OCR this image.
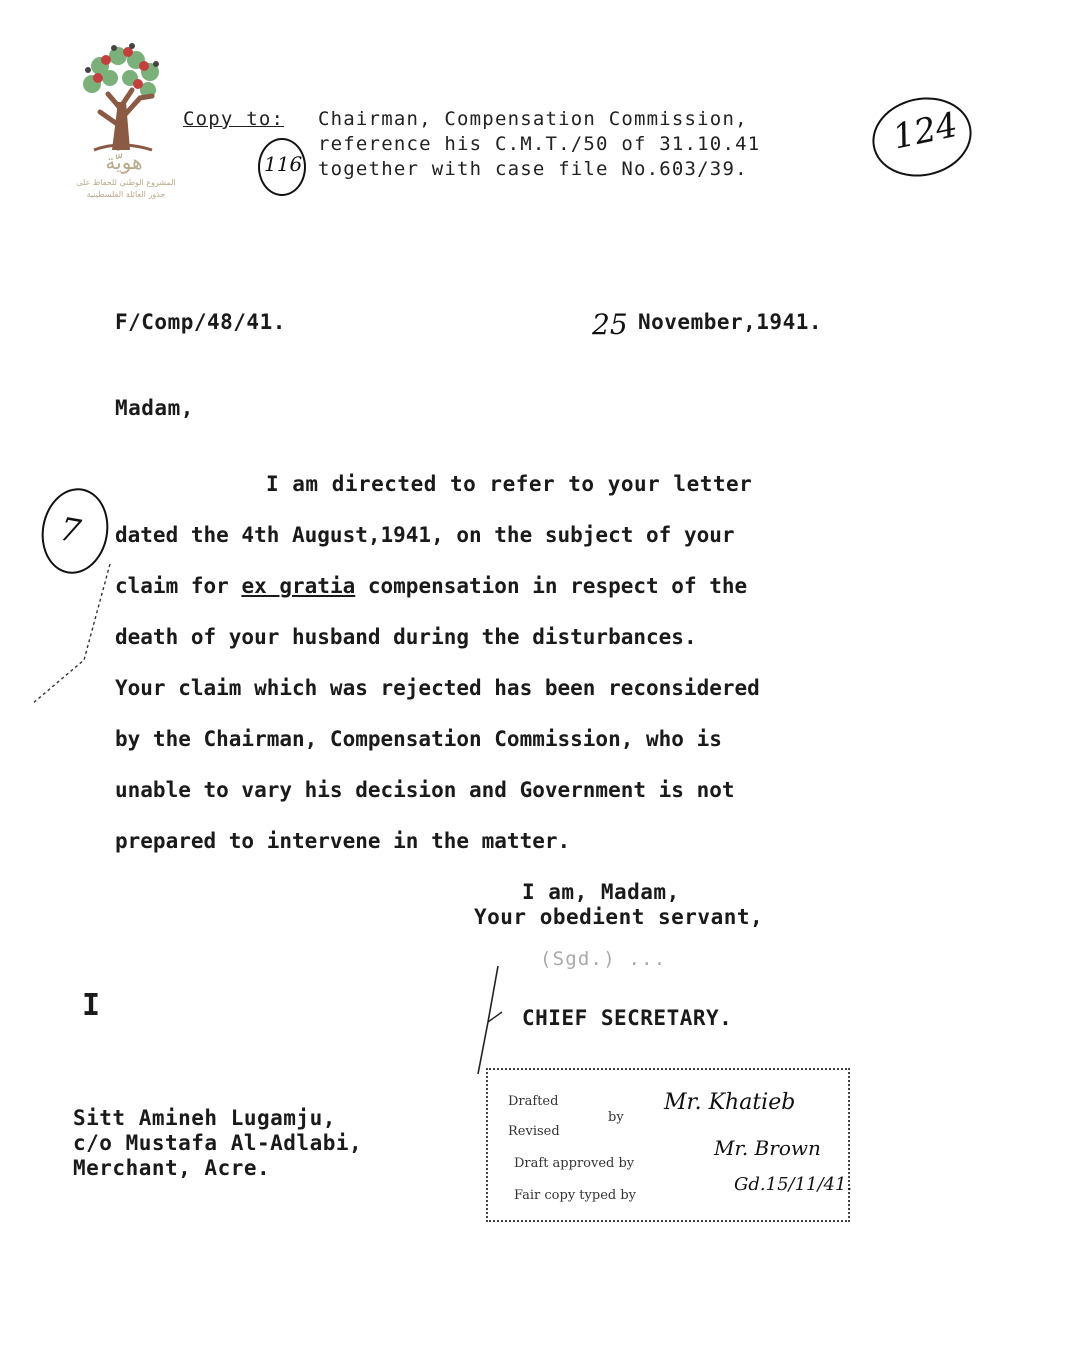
هويّة
المشروع الوطني للحفاظ على
جذور العائلة الفلسطينية
Copy to: Chairman, Compensation Commission,
reference his C.M.T./50 of 31.10.41
together with case file No.603/39.
116
124
F/Comp/48/41.	25 November,1941.
Madam,
7
I am directed to refer to your letter
dated the 4th August,1941, on the subject of your
claim for ex gratia compensation in respect of the
death of your husband during the disturbances.
Your claim which was rejected has been reconsidered
by the Chairman, Compensation Commission, who is
unable to vary his decision and Government is not
prepared to intervene in the matter.
I am, Madam,
Your obedient servant,
(Sgd.) ...
CHIEF SECRETARY.
I
Sitt Amineh Lugamju,
c/o Mustafa Al-Adlabi,
Merchant, Acre.
Drafted
Revised
by
Draft approved by
Fair copy typed by
Mr. Khatieb
Mr. Brown
Gd.15/11/41.
